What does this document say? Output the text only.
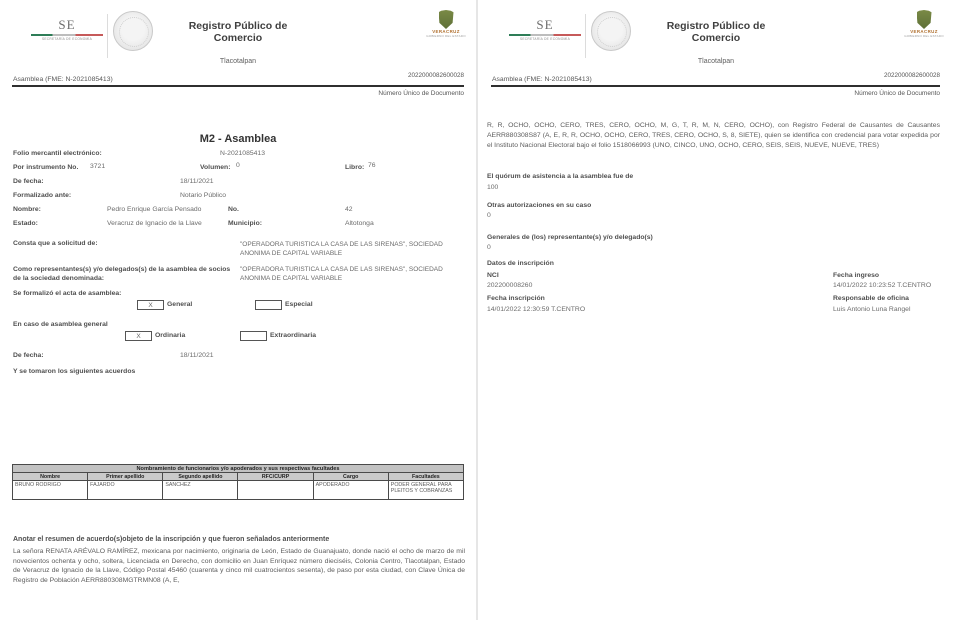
SE
SECRETARÍA DE ECONOMÍA
Registro Público de
Comercio
Tlacotalpan
VERACRUZ
GOBIERNO DEL ESTADO
Asamblea (FME: N-2021085413)
2022000082600028
Número Único de Documento
M2 - Asamblea
Folio mercantil electrónico:	N-2021085413
Por instrumento No. 3721	Volumen: 0	Libro: 76
De fecha:	18/11/2021
Formalizado ante:	Notario Público
Nombre:	Pedro Enrique García Pensado	No.	42
Estado:	Veracruz de Ignacio de la Llave	Municipio:	Altotonga
Consta que a solicitud de:	"OPERADORA TURISTICA LA CASA DE LAS SIRENAS", SOCIEDAD ANONIMA DE CAPITAL VARIABLE
Como representantes(s) y/o delegados(s) de la asamblea de socios de la sociedad denominada:
"OPERADORA TURISTICA LA CASA DE LAS SIRENAS", SOCIEDAD ANONIMA DE CAPITAL VARIABLE
Se formalizó el acta de asamblea:
X	General	Especial
En caso de asamblea general
X	Ordinaria	Extraordinaria
De fecha:	18/11/2021
Y se tomaron los siguientes acuerdos
Nombramiento de funcionarios y/o apoderados y sus respectivas facultades					
Nombre	Primer apellido	Segundo apellido	RFC/CURP	Cargo	Facultades
BRUNO RODRIGO	FAJARDO	SANCHEZ		APODERADO	PODER GENERAL PARA PLEITOS Y COBRANZAS
Anotar el resumen de acuerdo(s)objeto de la inscripción y que fueron señalados anteriormente
La señora RENATA ARÉVALO RAMÍREZ, mexicana por nacimiento, originaria de León, Estado de Guanajuato, donde nació el ocho de marzo de mil novecientos ochenta y ocho, soltera, Licenciada en Derecho, con domicilio en Juan Enríquez número dieciséis, Colonia Centro, Tlacotalpan, Estado de Veracruz de Ignacio de la Llave, Código Postal 45460 (cuarenta y cinco mil cuatrocientos sesenta), de paso por esta ciudad, con Clave Única de Registro de Población AERR880308MGTRMN08 (A, E,
SE
SECRETARÍA DE ECONOMÍA
Registro Público de
Comercio
Tlacotalpan
VERACRUZ
GOBIERNO DEL ESTADO
Asamblea (FME: N-2021085413)
2022000082600028
Número Único de Documento
R, R, OCHO, OCHO, CERO, TRES, CERO, OCHO, M, G, T, R, M, N, CERO, OCHO), con Registro Federal de Causantes de Causantes AERR880308S87 (A, E, R, R, OCHO, OCHO, CERO, TRES, CERO, OCHO, S, 8, SIETE), quien se identifica con credencial para votar expedida por el Instituto Nacional Electoral bajo el folio 1518066993 (UNO, CINCO, UNO, OCHO, CERO, SEIS, SEIS, NUEVE, NUEVE, TRES)
El quórum de asistencia a la asamblea fue de
100
Otras autorizaciones en su caso
0
Generales de (los) representante(s) y/o delegado(s)
0
Datos de inscripción
NCI
202200008260
Fecha ingreso
14/01/2022 10:23:52 T.CENTRO
Fecha inscripción
14/01/2022 12:30:59 T.CENTRO
Responsable de oficina
Luis Antonio Luna Rangel
